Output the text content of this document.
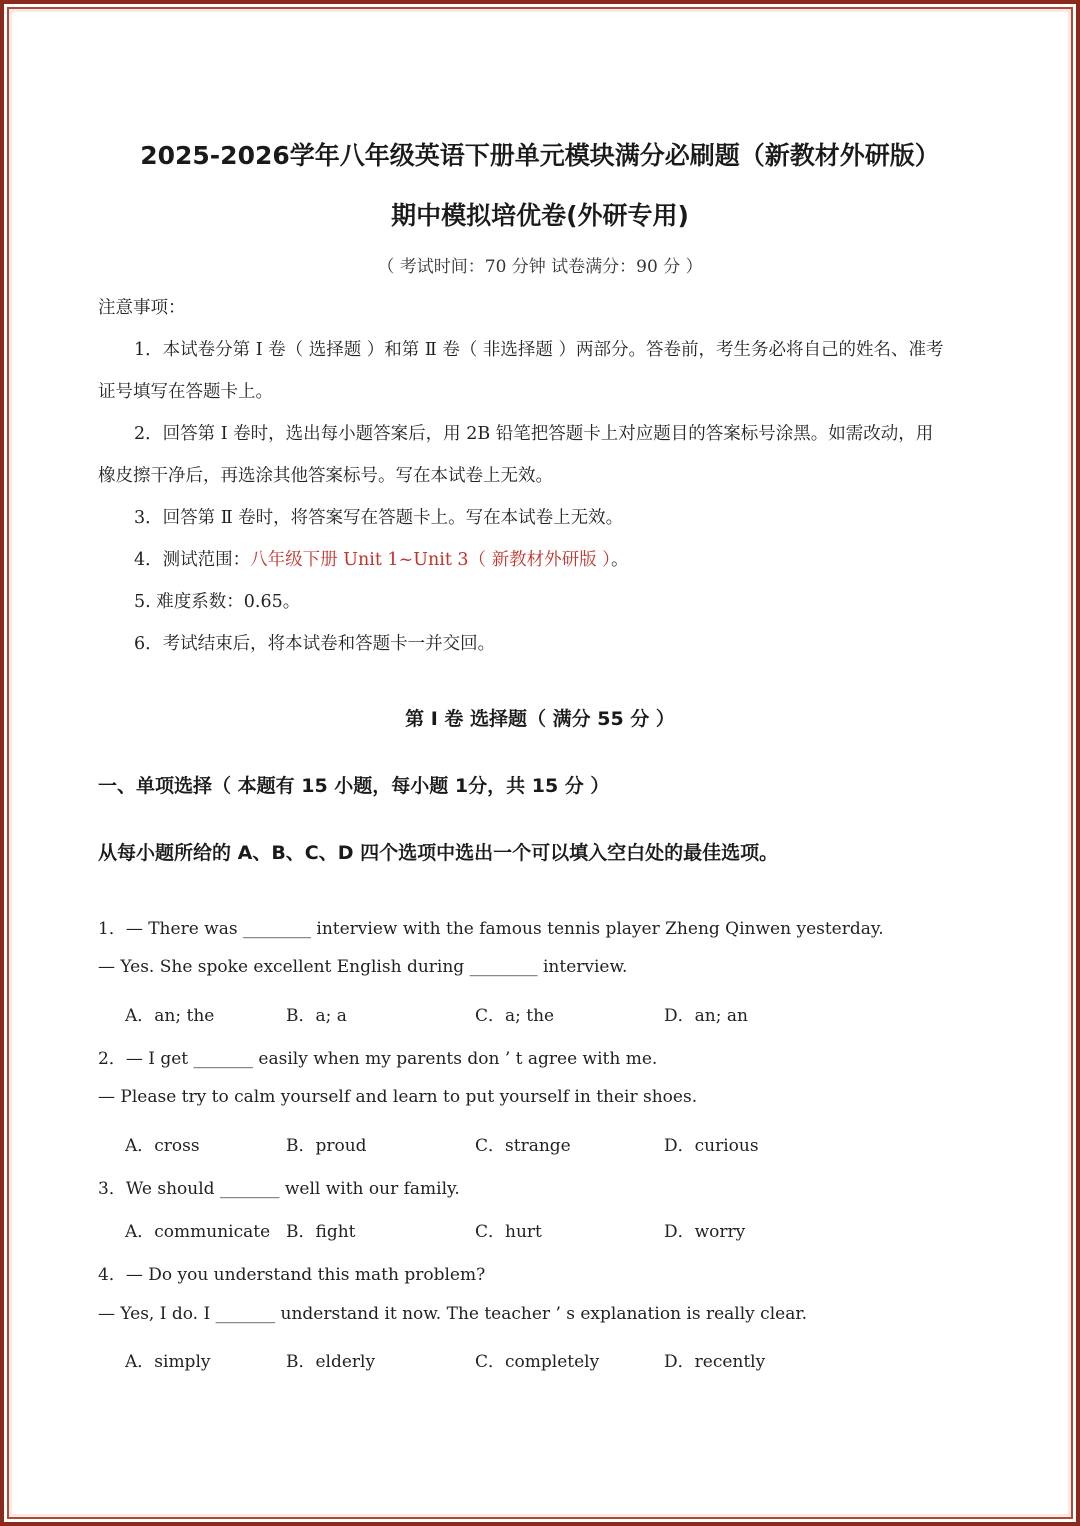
2025-2026学年八年级英语下册单元模块满分必刷题（新教材外研版）
期中模拟培优卷(外研专用)
（ 考试时间：70 分钟 试卷满分：90 分 ）
注意事项：
1．本试卷分第 Ⅰ 卷（ 选择题 ）和第 Ⅱ 卷（ 非选择题 ）两部分。答卷前，考生务必将自己的姓名、准考
证号填写在答题卡上。
2．回答第 Ⅰ 卷时，选出每小题答案后，用 2B 铅笔把答题卡上对应题目的答案标号涂黑。如需改动，用
橡皮擦干净后，再选涂其他答案标号。写在本试卷上无效。
3．回答第 Ⅱ 卷时，将答案写在答题卡上。写在本试卷上无效。
4．测试范围：八年级下册 Unit 1~Unit 3（ 新教材外研版 ）。
5. 难度系数：0.65。
6．考试结束后，将本试卷和答题卡一并交回。
第 Ⅰ 卷 选择题（ 满分 55 分 ）
一、单项选择（ 本题有 15 小题，每小题 1分，共 15 分 ）
从每小题所给的 A、B、C、D 四个选项中选出一个可以填入空白处的最佳选项。
1．— There was ________ interview with the famous tennis player Zheng Qinwen yesterday.
— Yes. She spoke excellent English during ________ interview.
A．an; the	B．a; a	C．a; the	D．an; an
2．— I get _______ easily when my parents don ’ t agree with me.
— Please try to calm yourself and learn to put yourself in their shoes.
A．cross	B．proud	C．strange	D．curious
3．We should _______ well with our family.
A．communicate B．fight	C．hurt	D．worry
4．— Do you understand this math problem?
— Yes, I do. I _______ understand it now. The teacher ’ s explanation is really clear.
A．simply	B．elderly	C．completely	D．recently
